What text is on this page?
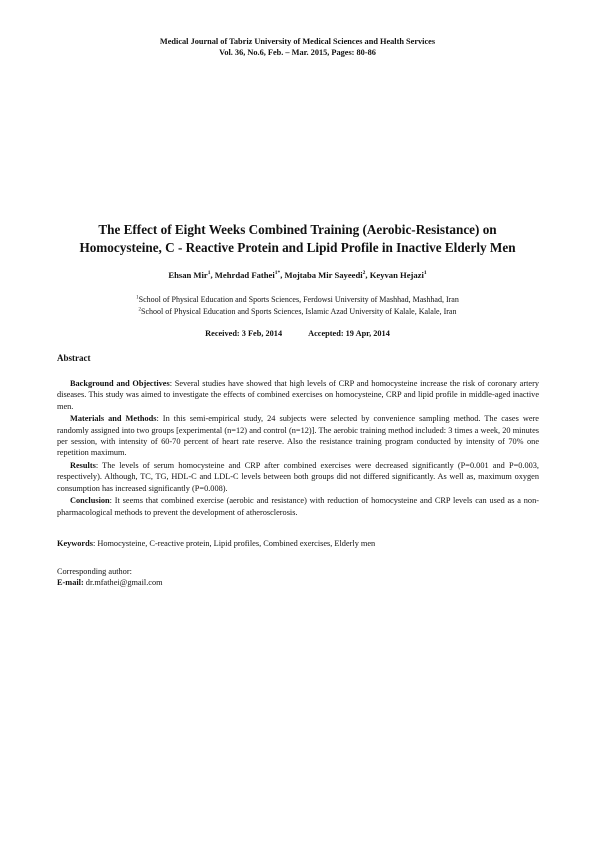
Medical Journal of Tabriz University of Medical Sciences and Health Services
Vol. 36, No.6, Feb. – Mar. 2015, Pages: 80-86
The Effect of Eight Weeks Combined Training (Aerobic-Resistance) on
Homocysteine, C - Reactive Protein and Lipid Profile in Inactive Elderly Men
Ehsan Mir$^1$, Mehrdad Fathei$^{1*}$, Mojtaba Mir Sayeedi$^2$, Keyvan Hejazi$^1$
$^1$School of Physical Education and Sports Sciences, Ferdowsi University of Mashhad, Mashhad, Iran
$^2$School of Physical Education and Sports Sciences, Islamic Azad University of Kalale, Kalale, Iran
Received: 3 Feb, 2014	Accepted: 19 Apr, 2014
Abstract

Background and Objectives: Several studies have showed that high levels of CRP and homocysteine increase the risk of coronary artery diseases. This study was aimed to investigate the effects of combined exercises on homocysteine, CRP and lipid profile in middle-aged inactive men.

Materials and Methods: In this semi-empirical study, 24 subjects were selected by convenience sampling method. The cases were randomly assigned into two groups [experimental (n=12) and control (n=12)]. The aerobic training method included: 3 times a week, 20 minutes per session, with intensity of 60-70 percent of heart rate reserve. Also the resistance training program conducted by intensity of 70% one repetition maximum.

Results: The levels of serum homocysteine and CRP after combined exercises were decreased significantly (P=0.001 and P=0.003, respectively). Although, TC, TG, HDL-C and LDL-C levels between both groups did not differed significantly. As well as, maximum oxygen consumption has increased significantly (P=0.008).

Conclusion: It seems that combined exercise (aerobic and resistance) with reduction of homocysteine and CRP levels can used as a non-pharmacological methods to prevent the development of atherosclerosis.

Keywords: Homocysteine, C-reactive protein, Lipid profiles, Combined exercises, Elderly men
Corresponding author:
E-mail: dr.mfathei@gmail.com
